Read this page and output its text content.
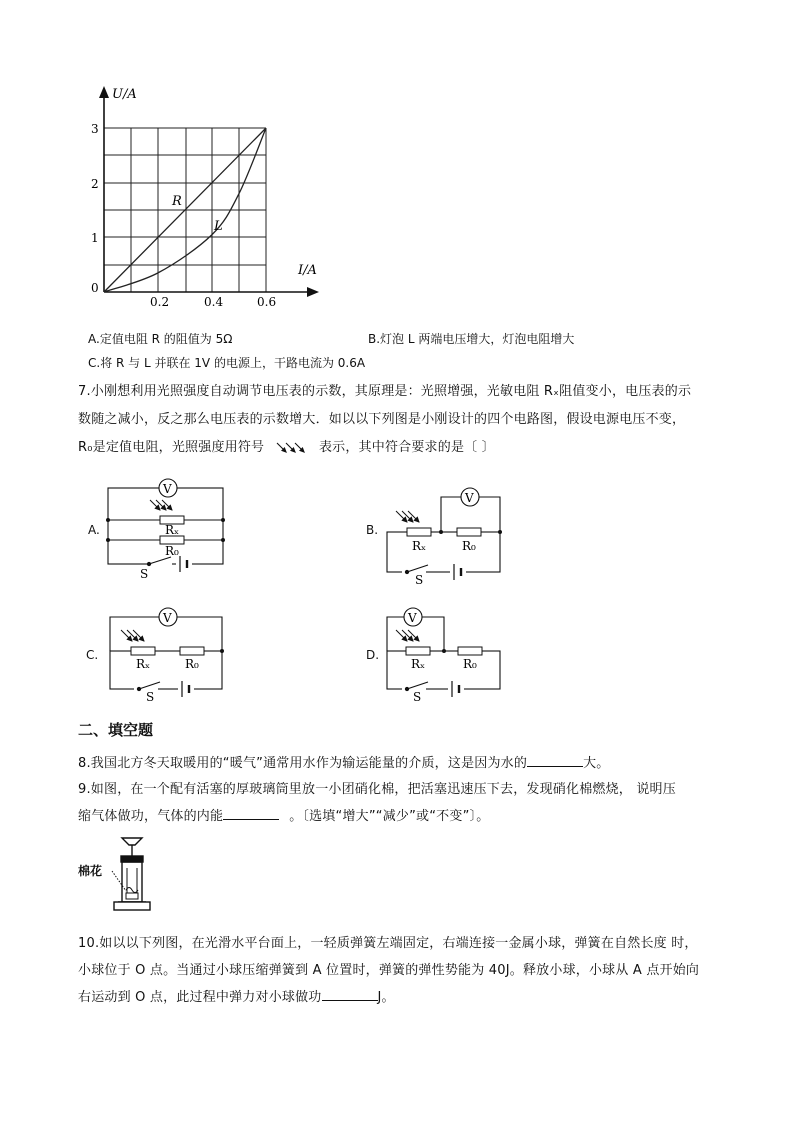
U/A
I/A
3
2
1
0
0.2	0.4	0.6
R
L
A.定值电阻 R 的阻值为 5Ω	B.灯泡 L 两端电压增大，灯泡电阻增大
C.将 R 与 L 并联在 1V 的电源上，干路电流为 0.6A
7.小刚想利用光照强度自动调节电压表的示数，其原理是：光照增强，光敏电阻 Rₓ阻值变小，电压表的示
数随之减小，反之那么电压表的示数增大．如以以下列图是小刚设计的四个电路图，假设电源电压不变，
R₀是定值电阻，光照强度用符号	表示，其中符合要求的是〔 〕
A.
V
Rₓ
R₀
S
B.
V
Rₓ	R₀
S
C.
V
Rₓ	R₀
S
D.
V
Rₓ	R₀
S
二、填空题
8.我国北方冬天取暖用的“暖气”通常用水作为输运能量的介质，这是因为水的	大。
9.如图，在一个配有活塞的厚玻璃筒里放一小团硝化棉，把活塞迅速压下去，发现硝化棉燃烧， 说明压
缩气体做功，气体的内能	。〔选填“增大”“减少”或“不变”〕。
棉花
10.如以以下列图，在光滑水平台面上，一轻质弹簧左端固定，右端连接一金属小球，弹簧在自然长度 时，
小球位于 O 点。当通过小球压缩弹簧到 A 位置时，弹簧的弹性势能为 40J。释放小球，小球从 A 点开始向
右运动到 O 点，此过程中弹力对小球做功	J。
